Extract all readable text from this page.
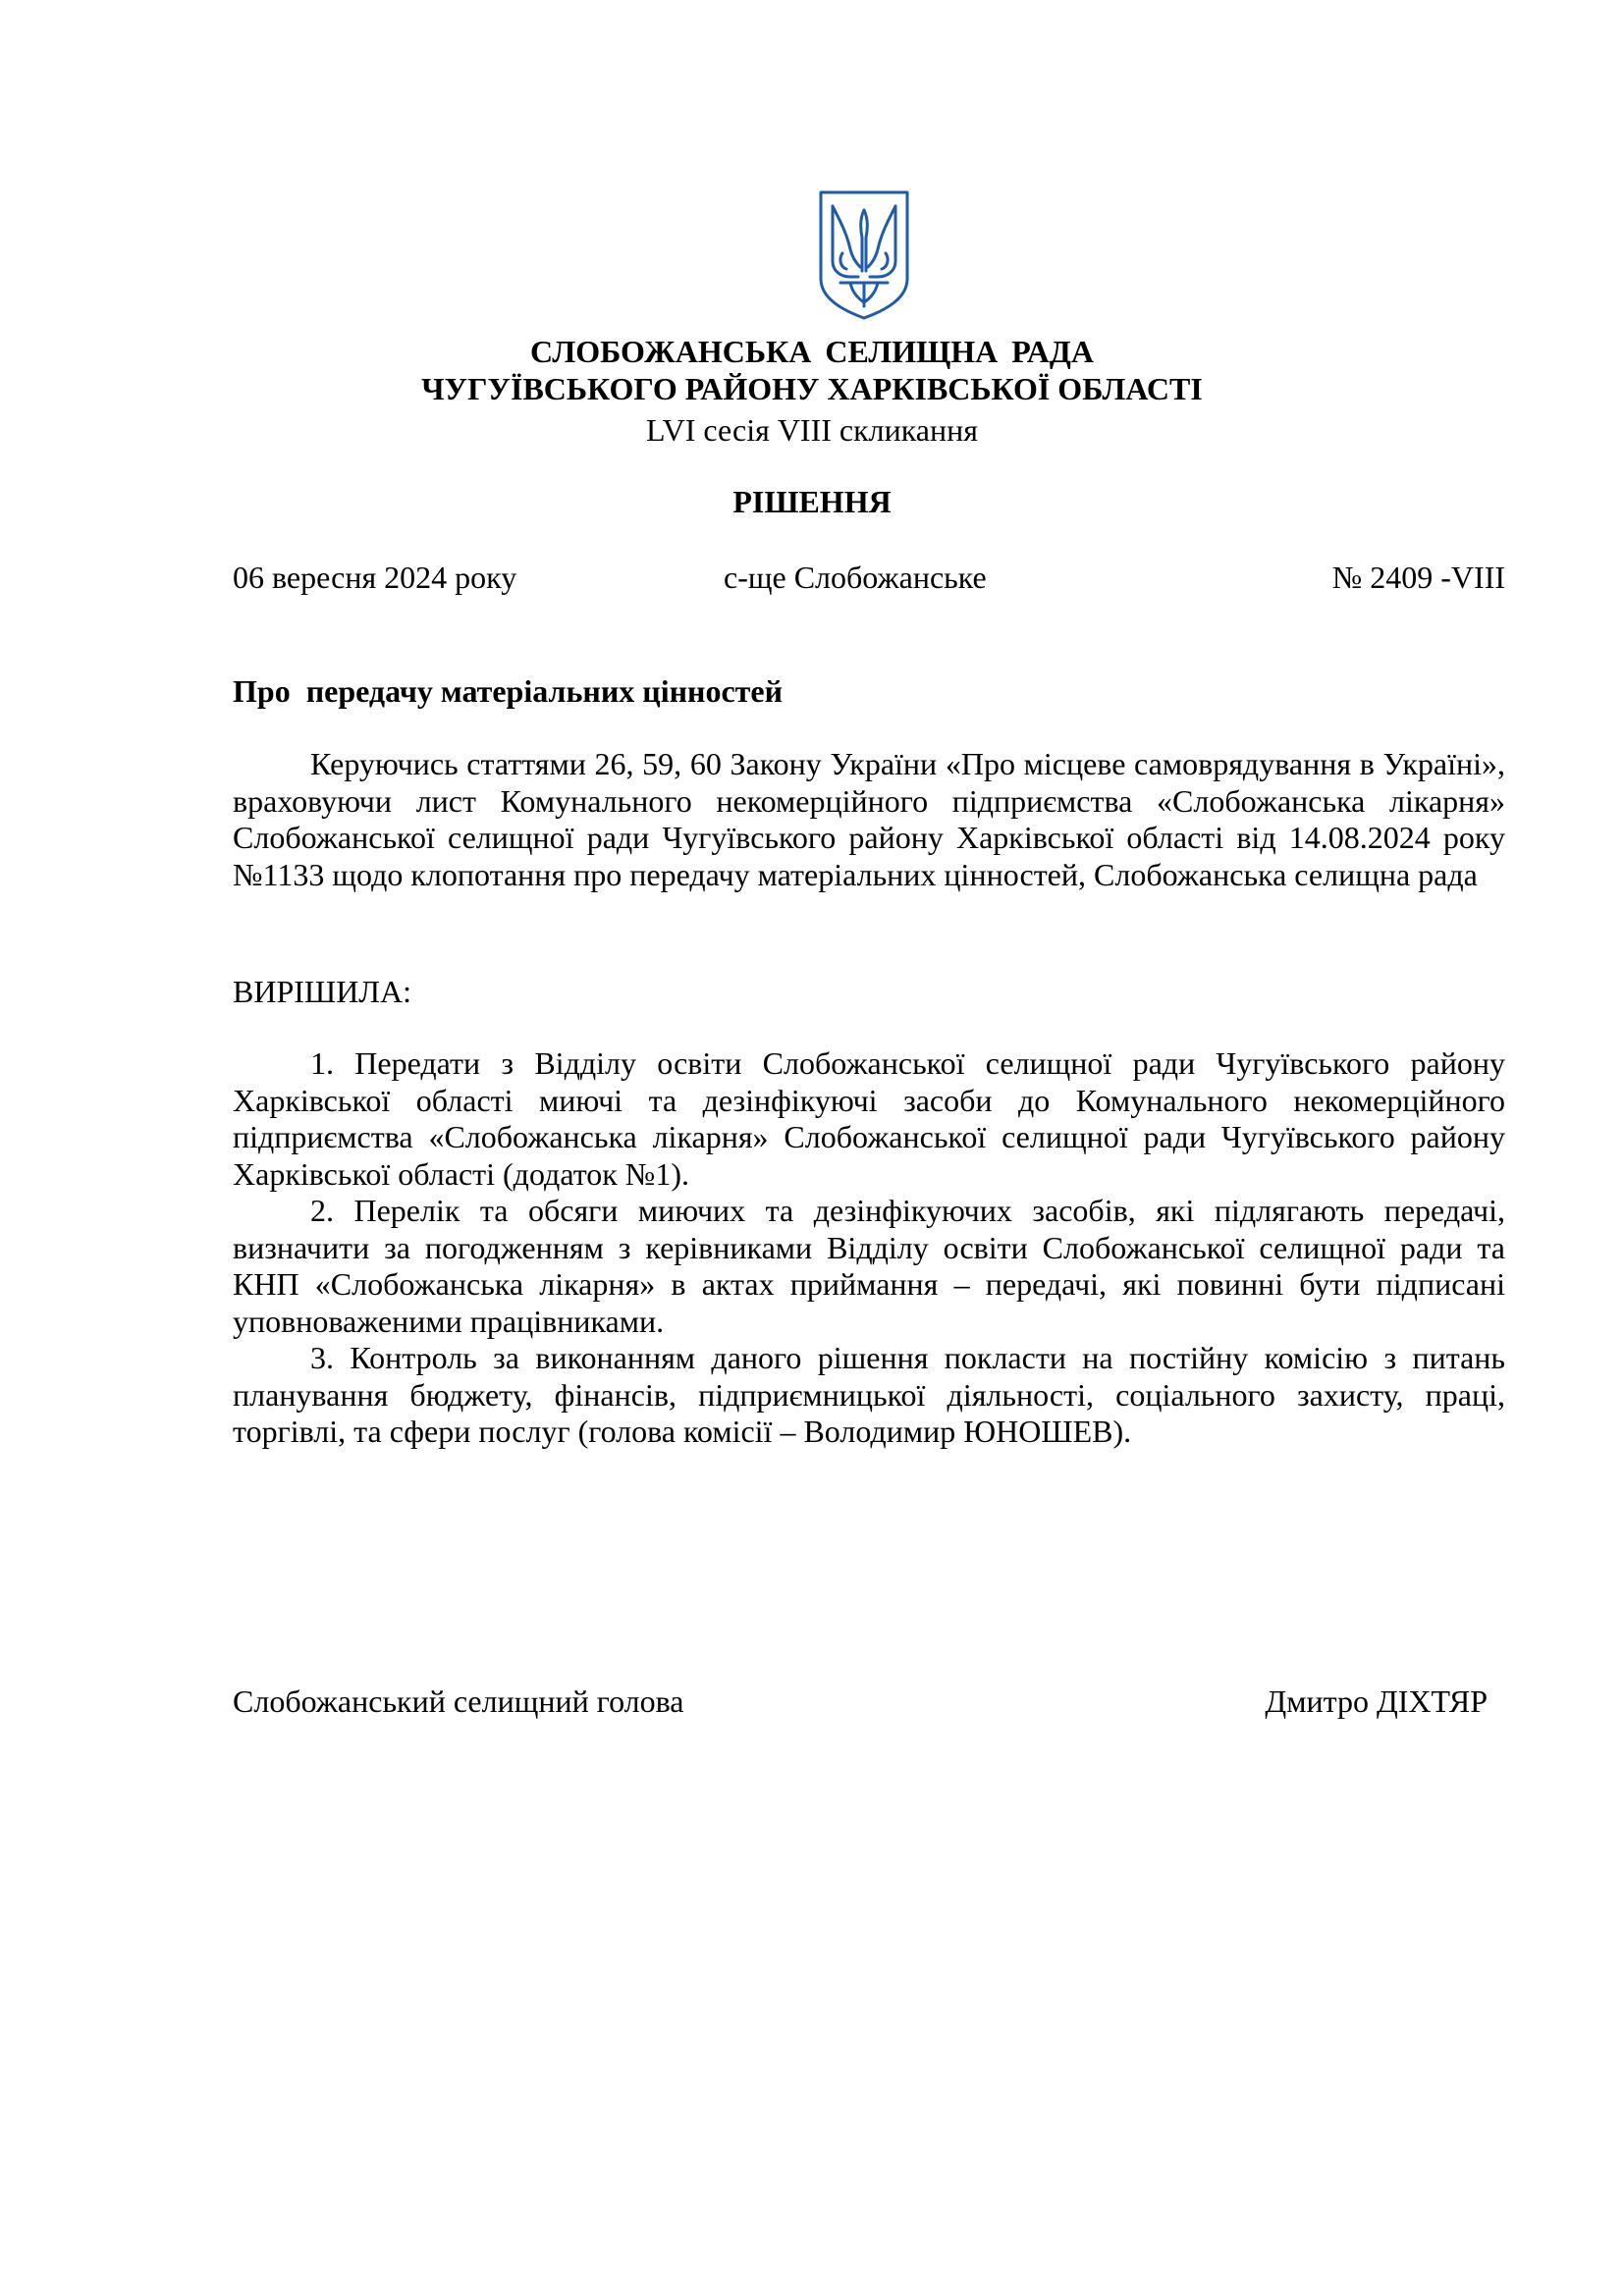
СЛОБОЖАНСЬКА СЕЛИЩНА РАДА
ЧУГУЇВСЬКОГО РАЙОНУ ХАРКІВСЬКОЇ ОБЛАСТІ
LVI сесія VIII скликання
РІШЕННЯ
06 вересня 2024 року	с-ще Слобожанське	№ 2409 -VIII
Про  передачу матеріальних цінностей

Керуючись статтями 26, 59, 60 Закону України «Про місцеве самоврядування в Україні», враховуючи лист Комунального некомерційного підприємства «Слобожанська лікарня» Слобожанської селищної ради Чугуївського району Харківської області від 14.08.2024 року №1133 щодо клопотання про передачу матеріальних цінностей, Слобожанська селищна рада

ВИРІШИЛА:

1. Передати з Відділу освіти Слобожанської селищної ради Чугуївського району Харківської області миючі та дезінфікуючі засоби до Комунального некомерційного підприємства «Слобожанська лікарня» Слобожанської селищної ради Чугуївського району Харківської області (додаток №1).

2. Перелік та обсяги миючих та дезінфікуючих засобів, які підлягають передачі, визначити за погодженням з керівниками Відділу освіти Слобожанської селищної ради та КНП «Слобожанська лікарня» в актах приймання – передачі, які повинні бути підписані уповноваженими працівниками.

3. Контроль за виконанням даного рішення покласти на постійну комісію з питань планування бюджету, фінансів, підприємницької діяльності, соціального захисту, праці, торгівлі, та сфери послуг (голова комісії – Володимир ЮНОШЕВ).

Слобожанський селищний голова	Дмитро ДІХТЯР
